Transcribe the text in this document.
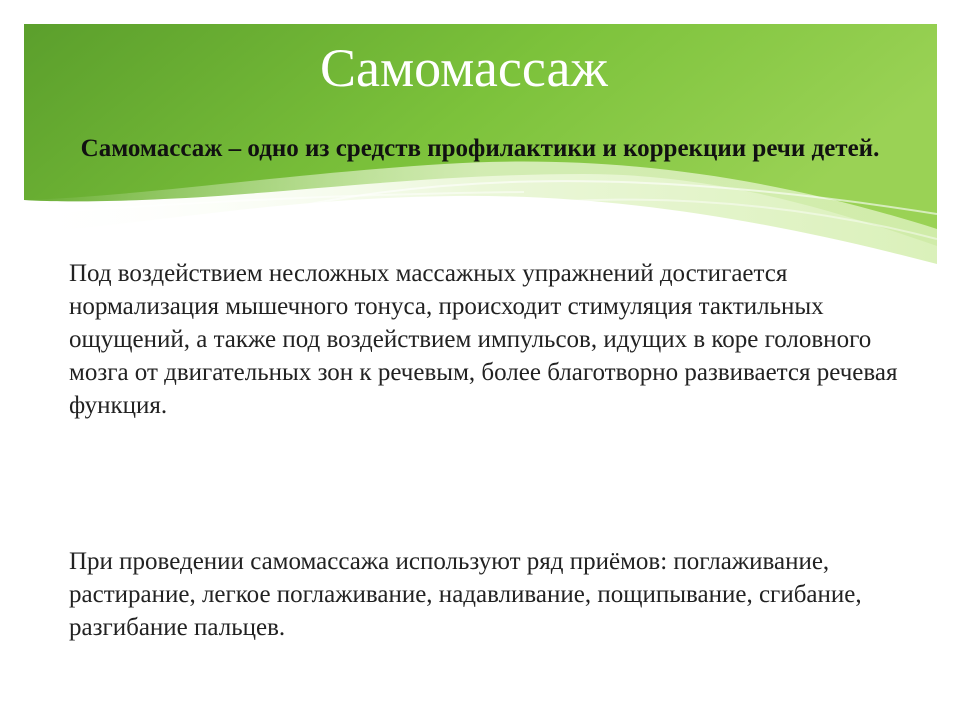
Самомассаж

Самомассаж – одно из средств профилактики и коррекции речи детей.

Под воздействием несложных массажных упражнений достигается нормализация мышечного тонуса, происходит стимуляция тактильных ощущений, а также под воздействием импульсов, идущих в коре головного мозга от двигательных зон к речевым, более благотворно развивается речевая функция.

При проведении самомассажа используют ряд приёмов: поглаживание, растирание, легкое поглаживание, надавливание, пощипывание, сгибание, разгибание пальцев.
